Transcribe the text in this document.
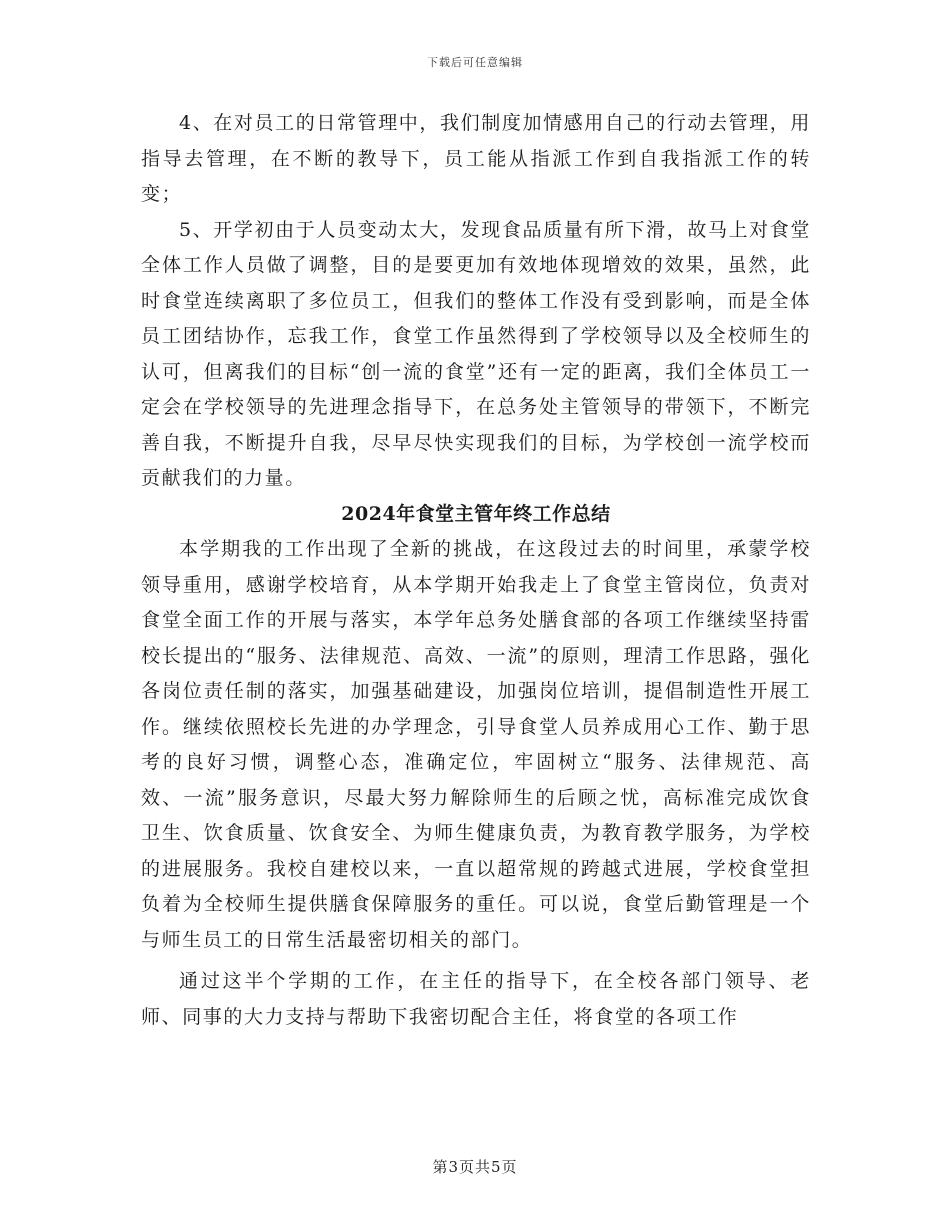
下载后可任意编辑

4、在对员工的日常管理中，我们制度加情感用自己的行动去管理，用指导去管理，在不断的教导下，员工能从指派工作到自我指派工作的转变；

5、开学初由于人员变动太大，发现食品质量有所下滑，故马上对食堂全体工作人员做了调整，目的是要更加有效地体现增效的效果，虽然，此时食堂连续离职了多位员工，但我们的整体工作没有受到影响，而是全体员工团结协作，忘我工作，食堂工作虽然得到了学校领导以及全校师生的认可，但离我们的目标“创一流的食堂”还有一定的距离，我们全体员工一定会在学校领导的先进理念指导下，在总务处主管领导的带领下，不断完善自我，不断提升自我，尽早尽快实现我们的目标，为学校创一流学校而贡献我们的力量。

2024年食堂主管年终工作总结

本学期我的工作出现了全新的挑战，在这段过去的时间里，承蒙学校领导重用，感谢学校培育，从本学期开始我走上了食堂主管岗位，负责对食堂全面工作的开展与落实，本学年总务处膳食部的各项工作继续坚持雷校长提出的“服务、法律规范、高效、一流”的原则，理清工作思路，强化各岗位责任制的落实，加强基础建设，加强岗位培训，提倡制造性开展工作。继续依照校长先进的办学理念，引导食堂人员养成用心工作、勤于思考的良好习惯，调整心态，准确定位，牢固树立“服务、法律规范、高效、一流”服务意识，尽最大努力解除师生的后顾之忧，高标准完成饮食卫生、饮食质量、饮食安全、为师生健康负责，为教育教学服务，为学校的进展服务。我校自建校以来，一直以超常规的跨越式进展，学校食堂担负着为全校师生提供膳食保障服务的重任。可以说，食堂后勤管理是一个与师生员工的日常生活最密切相关的部门。

通过这半个学期的工作，在主任的指导下，在全校各部门领导、老师、同事的大力支持与帮助下我密切配合主任，将食堂的各项工作

第3页共5页
